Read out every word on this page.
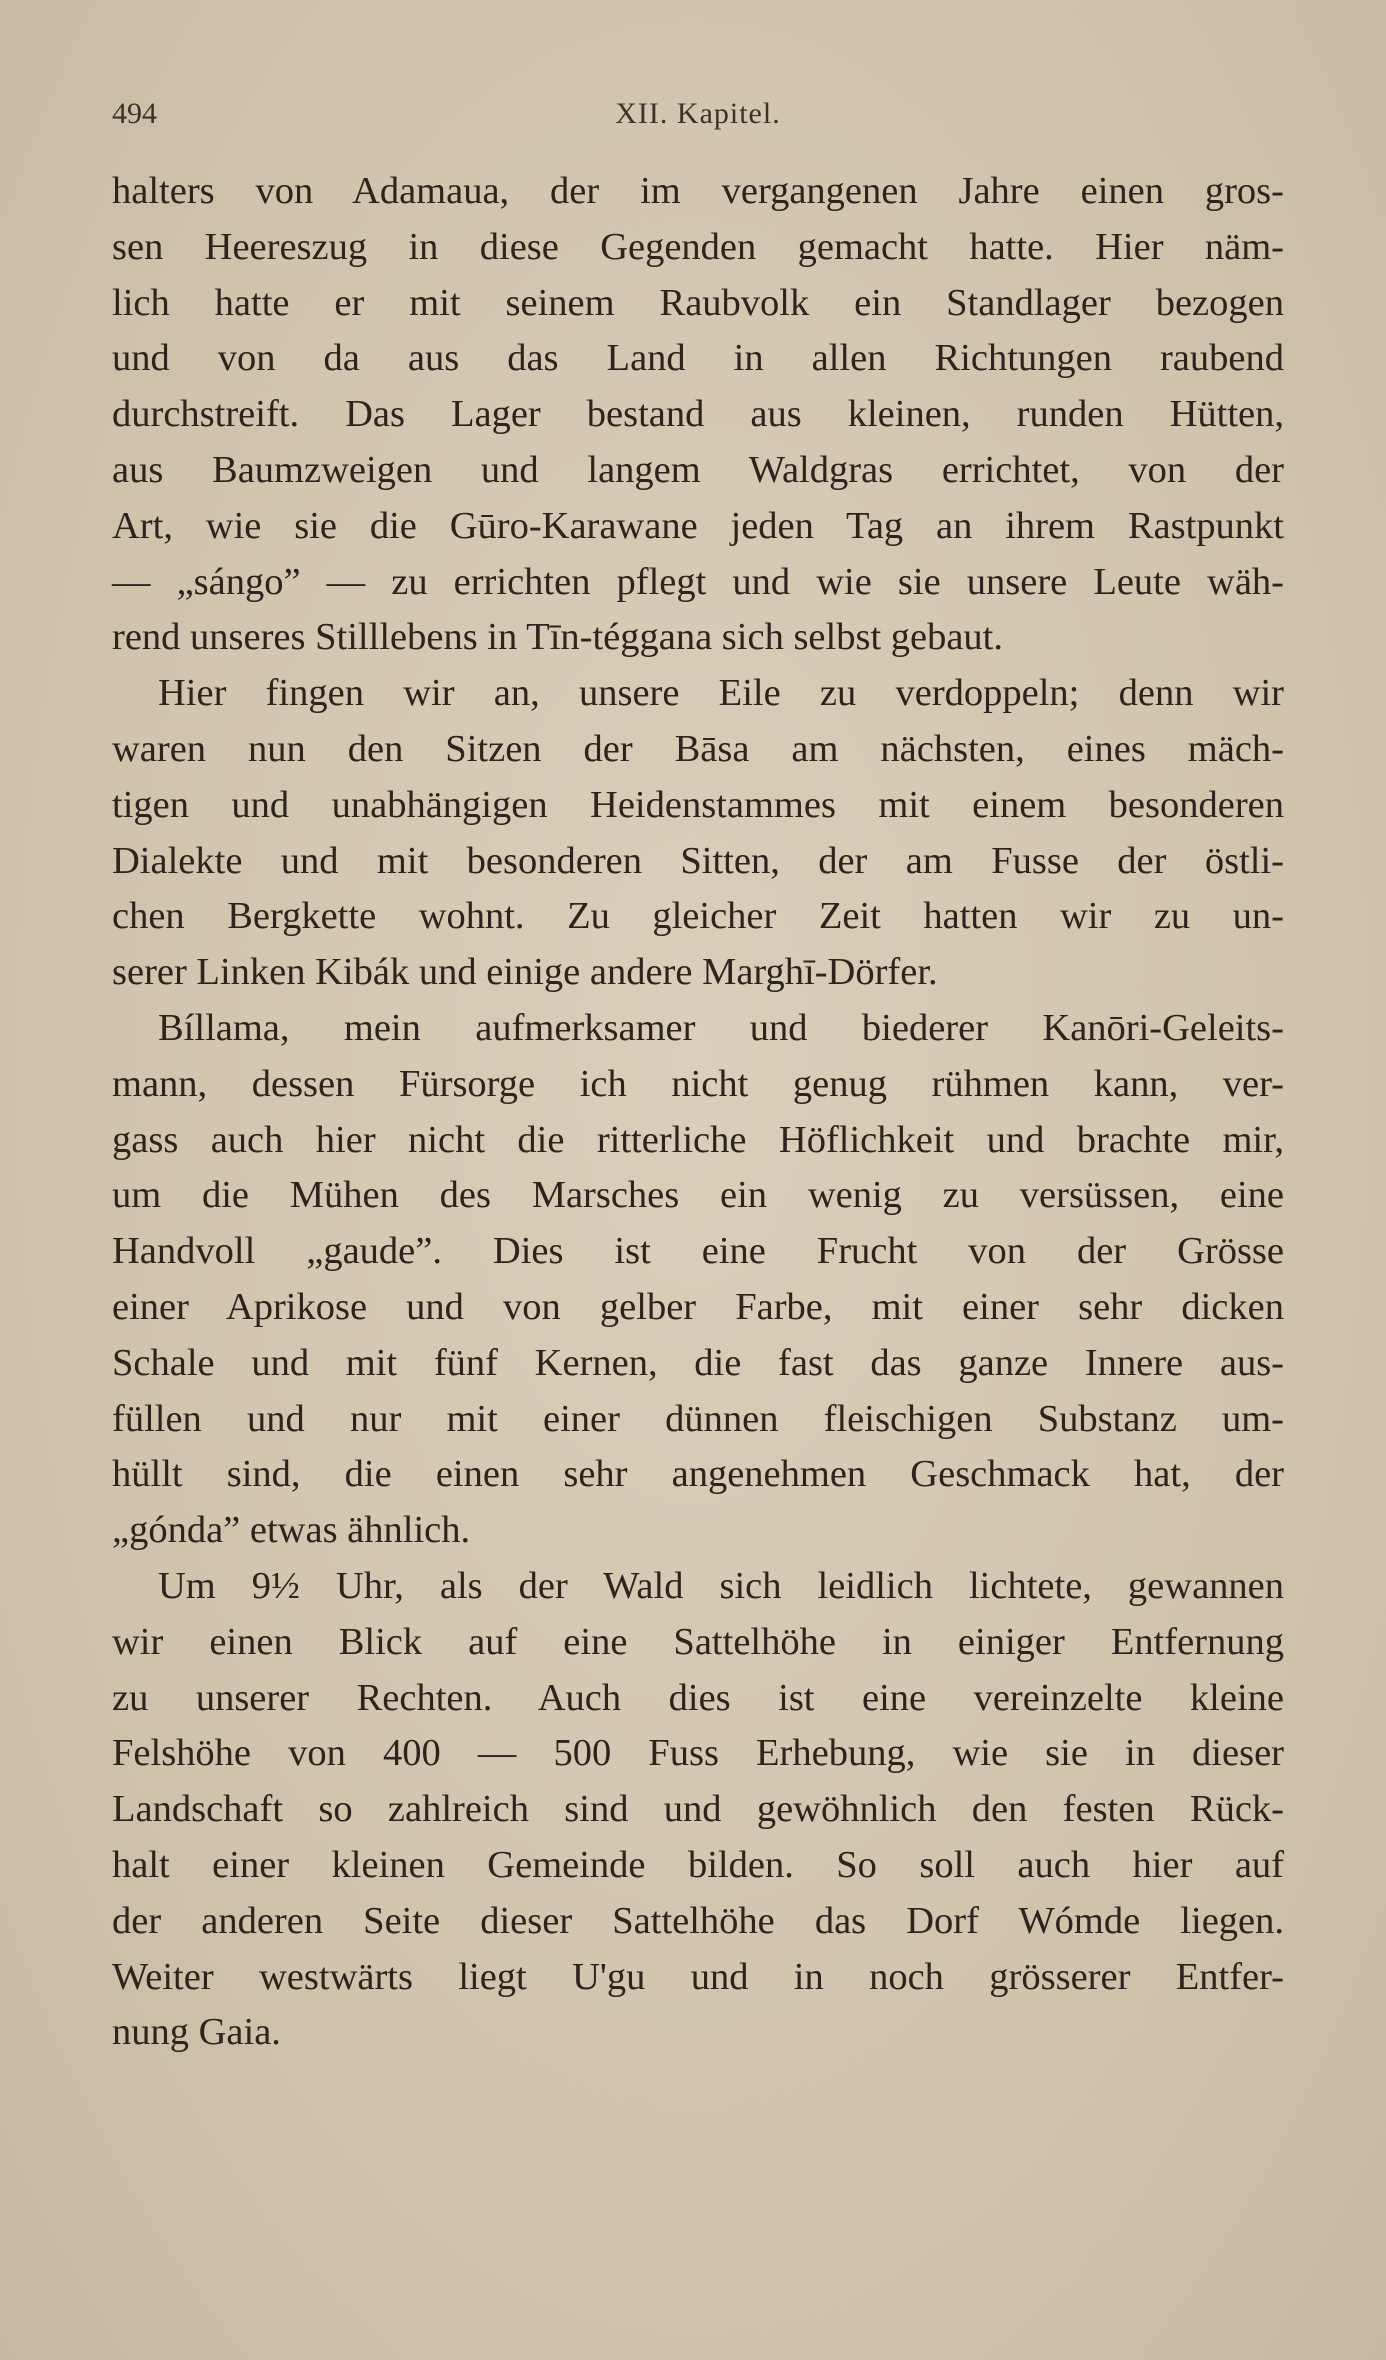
494	XII. Kapitel.

halters von Adamaua, der im vergangenen Jahre einen gros-
sen Heereszug in diese Gegenden gemacht hatte. Hier näm-
lich hatte er mit seinem Raubvolk ein Standlager bezogen
und von da aus das Land in allen Richtungen raubend
durchstreift. Das Lager bestand aus kleinen, runden Hütten,
aus Baumzweigen und langem Waldgras errichtet, von der
Art, wie sie die Gūro-Karawane jeden Tag an ihrem Rastpunkt
— „sángo” — zu errichten pflegt und wie sie unsere Leute wäh-
rend unseres Stilllebens in Tīn-téggana sich selbst gebaut.

Hier fingen wir an, unsere Eile zu verdoppeln; denn wir
waren nun den Sitzen der Bāsa am nächsten, eines mäch-
tigen und unabhängigen Heidenstammes mit einem besonderen
Dialekte und mit besonderen Sitten, der am Fusse der östli-
chen Bergkette wohnt. Zu gleicher Zeit hatten wir zu un-
serer Linken Kibák und einige andere Marghī-Dörfer.

Bíllama, mein aufmerksamer und biederer Kanōri-Geleits-
mann, dessen Fürsorge ich nicht genug rühmen kann, ver-
gass auch hier nicht die ritterliche Höflichkeit und brachte mir,
um die Mühen des Marsches ein wenig zu versüssen, eine
Handvoll „gaude”. Dies ist eine Frucht von der Grösse
einer Aprikose und von gelber Farbe, mit einer sehr dicken
Schale und mit fünf Kernen, die fast das ganze Innere aus-
füllen und nur mit einer dünnen fleischigen Substanz um-
hüllt sind, die einen sehr angenehmen Geschmack hat, der
„gónda” etwas ähnlich.

Um 9½ Uhr, als der Wald sich leidlich lichtete, gewannen
wir einen Blick auf eine Sattelhöhe in einiger Entfernung
zu unserer Rechten. Auch dies ist eine vereinzelte kleine
Felshöhe von 400 — 500 Fuss Erhebung, wie sie in dieser
Landschaft so zahlreich sind und gewöhnlich den festen Rück-
halt einer kleinen Gemeinde bilden. So soll auch hier auf
der anderen Seite dieser Sattelhöhe das Dorf Wómde liegen.
Weiter westwärts liegt U'gu und in noch grösserer Entfer-
nung Gaia.
